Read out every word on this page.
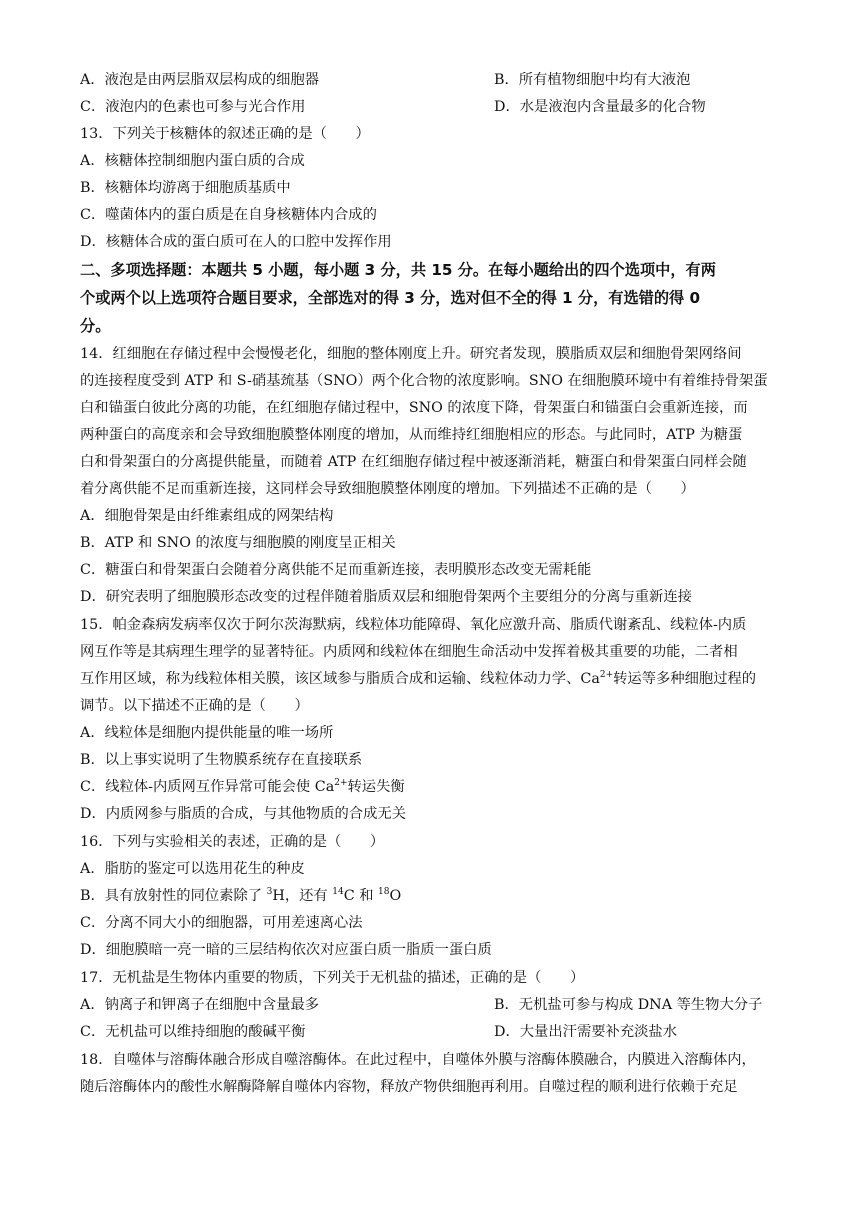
A．液泡是由两层脂双层构成的细胞器	B．所有植物细胞中均有大液泡
C．液泡内的色素也可参与光合作用	D．水是液泡内含量最多的化合物
13．下列关于核糖体的叙述正确的是（　　）
A．核糖体控制细胞内蛋白质的合成
B．核糖体均游离于细胞质基质中
C．噬菌体内的蛋白质是在自身核糖体内合成的
D．核糖体合成的蛋白质可在人的口腔中发挥作用
二、多项选择题：本题共 5 小题，每小题 3 分，共 15 分。在每小题给出的四个选项中，有两
个或两个以上选项符合题目要求，全部选对的得 3 分，选对但不全的得 1 分，有选错的得 0
分。
14．红细胞在存储过程中会慢慢老化，细胞的整体刚度上升。研究者发现，膜脂质双层和细胞骨架网络间
的连接程度受到 ATP 和 S-硝基巯基（SNO）两个化合物的浓度影响。SNO 在细胞膜环境中有着维持骨架蛋
白和锚蛋白彼此分离的功能，在红细胞存储过程中，SNO 的浓度下降，骨架蛋白和锚蛋白会重新连接，而
两种蛋白的高度亲和会导致细胞膜整体刚度的增加，从而维持红细胞相应的形态。与此同时，ATP 为糖蛋
白和骨架蛋白的分离提供能量，而随着 ATP 在红细胞存储过程中被逐渐消耗，糖蛋白和骨架蛋白同样会随
着分离供能不足而重新连接，这同样会导致细胞膜整体刚度的增加。下列描述不正确的是（　　）
A．细胞骨架是由纤维素组成的网架结构
B．ATP 和 SNO 的浓度与细胞膜的刚度呈正相关
C．糖蛋白和骨架蛋白会随着分离供能不足而重新连接，表明膜形态改变无需耗能
D．研究表明了细胞膜形态改变的过程伴随着脂质双层和细胞骨架两个主要组分的分离与重新连接
15．帕金森病发病率仅次于阿尔茨海默病，线粒体功能障碍、氧化应激升高、脂质代谢紊乱、线粒体-内质
网互作等是其病理生理学的显著特征。内质网和线粒体在细胞生命活动中发挥着极其重要的功能，二者相
互作用区域，称为线粒体相关膜，该区域参与脂质合成和运输、线粒体动力学、$Ca^{2+}$转运等多种细胞过程的
调节。以下描述不正确的是（　　）
A．线粒体是细胞内提供能量的唯一场所
B．以上事实说明了生物膜系统存在直接联系
C．线粒体-内质网互作异常可能会使 $Ca^{2+}$转运失衡
D．内质网参与脂质的合成，与其他物质的合成无关
16．下列与实验相关的表述，正确的是（　　）
A．脂肪的鉴定可以选用花生的种皮
B．具有放射性的同位素除了 $^3$H，还有 $^{14}$C 和 $^{18}$O
C．分离不同大小的细胞器，可用差速离心法
D．细胞膜暗一亮一暗的三层结构依次对应蛋白质一脂质一蛋白质
17．无机盐是生物体内重要的物质，下列关于无机盐的描述，正确的是（　　）
A．钠离子和钾离子在细胞中含量最多	B．无机盐可参与构成 DNA 等生物大分子
C．无机盐可以维持细胞的酸碱平衡	D．大量出汗需要补充淡盐水
18．自噬体与溶酶体融合形成自噬溶酶体。在此过程中，自噬体外膜与溶酶体膜融合，内膜进入溶酶体内，
随后溶酶体内的酸性水解酶降解自噬体内容物，释放产物供细胞再利用。自噬过程的顺利进行依赖于充足
